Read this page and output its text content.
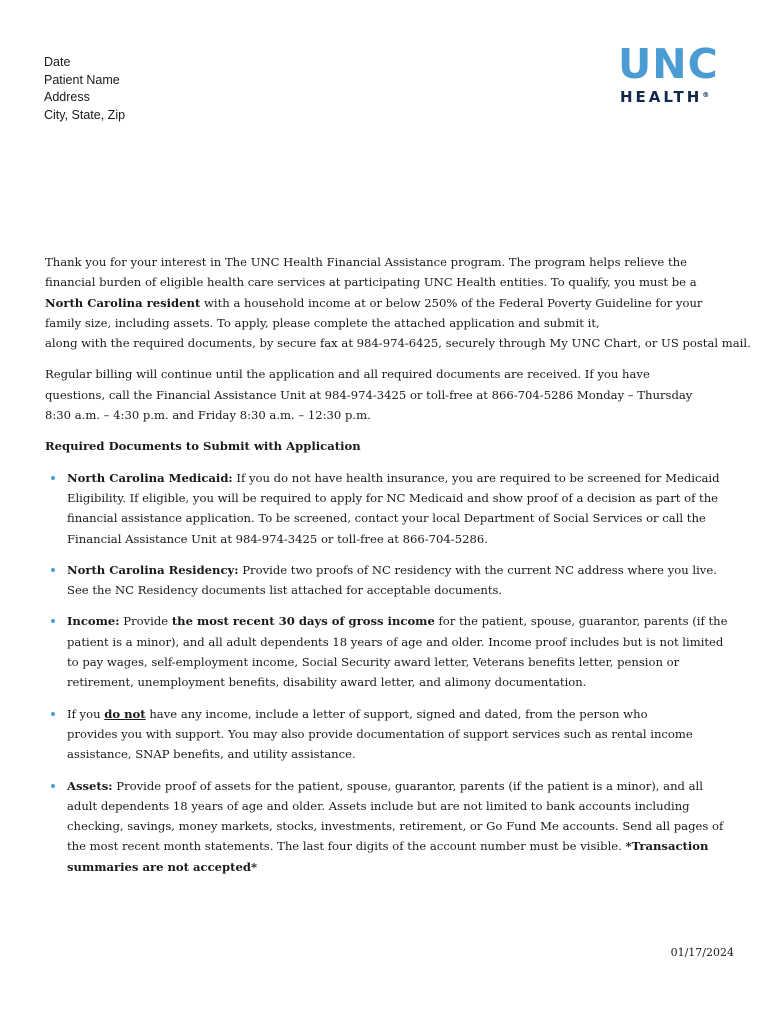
Date
Patient Name
Address
City, State, Zip
UNC
HEALTH®
Thank you for your interest in The UNC Health Financial Assistance program. The program helps relieve the
financial burden of eligible health care services at participating UNC Health entities. To qualify, you must be a
North Carolina resident with a household income at or below 250% of the Federal Poverty Guideline for your
family size, including assets. To apply, please complete the attached application and submit it,
along with the required documents, by secure fax at 984-974-6425, securely through My UNC Chart, or US postal mail.
Regular billing will continue until the application and all required documents are received. If you have
questions, call the Financial Assistance Unit at 984-974-3425 or toll-free at 866-704-5286 Monday – Thursday
8:30 a.m. – 4:30 p.m. and Friday 8:30 a.m. – 12:30 p.m.
Required Documents to Submit with Application
North Carolina Medicaid: If you do not have health insurance, you are required to be screened for Medicaid
Eligibility. If eligible, you will be required to apply for NC Medicaid and show proof of a decision as part of the
financial assistance application. To be screened, contact your local Department of Social Services or call the
Financial Assistance Unit at 984-974-3425 or toll-free at 866-704-5286.
North Carolina Residency: Provide two proofs of NC residency with the current NC address where you live.
See the NC Residency documents list attached for acceptable documents.
Income: Provide the most recent 30 days of gross income for the patient, spouse, guarantor, parents (if the
patient is a minor), and all adult dependents 18 years of age and older. Income proof includes but is not limited
to pay wages, self-employment income, Social Security award letter, Veterans benefits letter, pension or
retirement, unemployment benefits, disability award letter, and alimony documentation.
If you do not have any income, include a letter of support, signed and dated, from the person who
provides you with support. You may also provide documentation of support services such as rental income
assistance, SNAP benefits, and utility assistance.
Assets: Provide proof of assets for the patient, spouse, guarantor, parents (if the patient is a minor), and all
adult dependents 18 years of age and older. Assets include but are not limited to bank accounts including
checking, savings, money markets, stocks, investments, retirement, or Go Fund Me accounts. Send all pages of
the most recent month statements. The last four digits of the account number must be visible. *Transaction
summaries are not accepted*
01/17/2024
